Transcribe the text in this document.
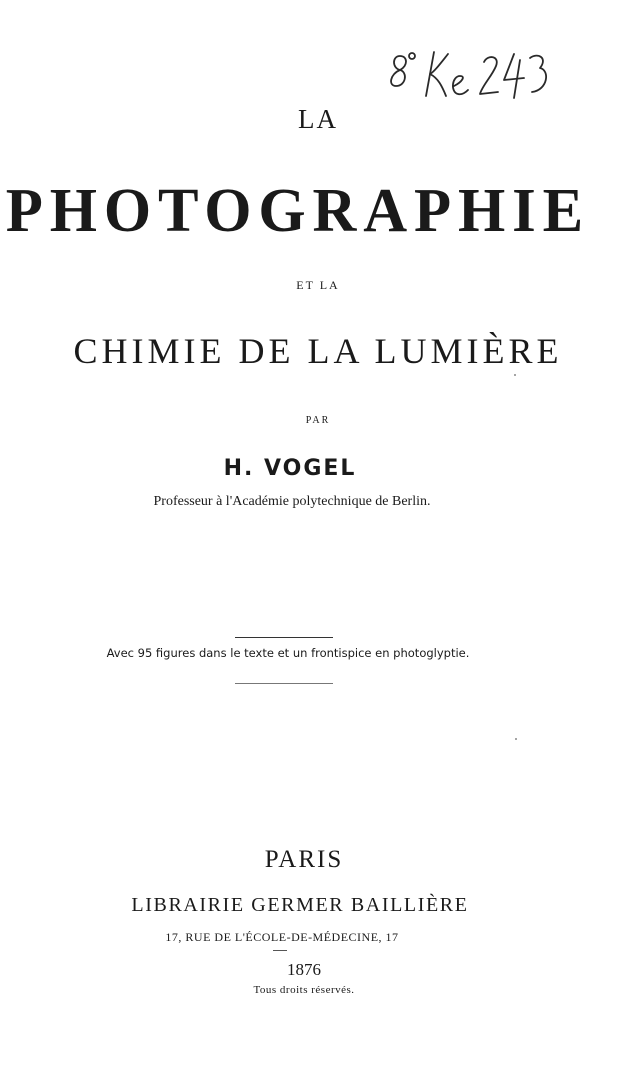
LA
PHOTOGRAPHIE
ET LA
CHIMIE DE LA LUMIÈRE
PAR
H. VOGEL
Professeur à l'Académie polytechnique de Berlin.
Avec 95 figures dans le texte et un frontispice en photoglyptie.
PARIS
LIBRAIRIE GERMER BAILLIÈRE
17, RUE DE L'ÉCOLE-DE-MÉDECINE, 17
1876
Tous droits réservés.
